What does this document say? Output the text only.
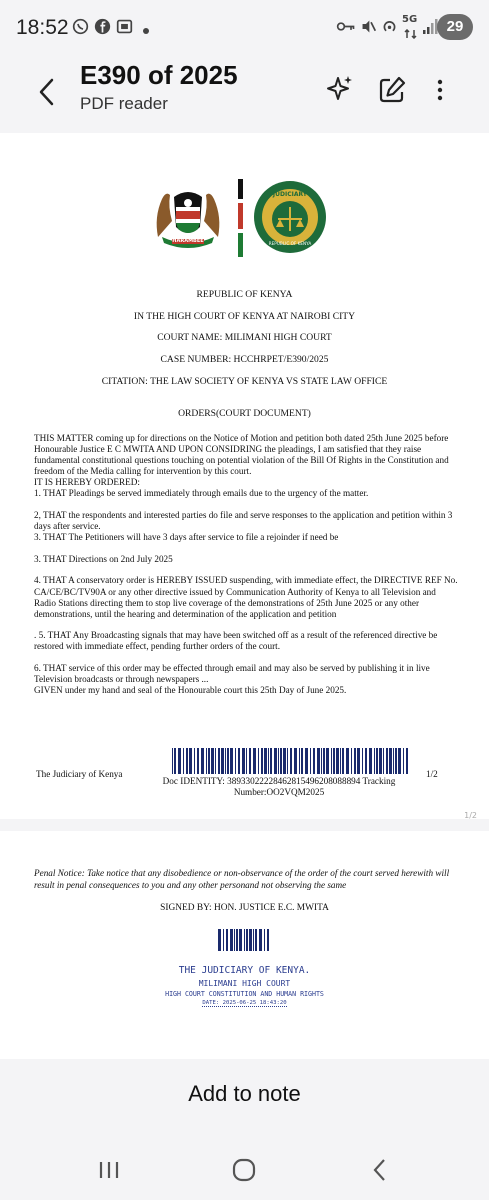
18:52	5G	29
E390 of 2025
PDF reader
HARAMBEE
JUDICIARY
REPUBLIC OF KENYA
REPUBLIC OF KENYA
IN THE HIGH COURT OF KENYA AT NAIROBI CITY
COURT NAME: MILIMANI HIGH COURT
CASE NUMBER: HCCHRPET/E390/2025
CITATION: THE LAW SOCIETY OF KENYA VS STATE LAW OFFICE
ORDERS(COURT DOCUMENT)

THIS MATTER coming up for directions on the Notice of Motion and petition both dated 25th June 2025 before Honourable Justice E C MWITA AND UPON CONSIDRING the pleadings, I am satisfied that they raise fundamental constitutional questions touching on potential violation of the Bill Of Rights in the Constitution and freedom of the Media calling for intervention by this court.
IT IS HEREBY ORDERED:
1. THAT Pleadings be served immediately through emails due to the urgency of the matter.

2, THAT the respondents and interested parties do file and serve responses to the application and petition within 3 days after service.
3. THAT The Petitioners will have 3 days after service to file a rejoinder if need be

3. THAT Directions on 2nd July 2025

4. THAT A conservatory order is HEREBY ISSUED suspending, with immediate effect, the DIRECTIVE REF No. CA/CE/BC/TV90A or any other directive issued by Communication Authority of Kenya to all Television and Radio Stations directing them to stop live coverage of the demonstrations of 25th June 2025 or any other demonstrations, until the hearing and determination of the application and petition

. 5. THAT Any Broadcasting signals that may have been switched off as a result of the referenced directive be restored with immediate effect, pending further orders of the court.

6. THAT service of this order may be effected through email and may also be served by publishing it in live Television broadcasts or through newspapers ...
GIVEN under my hand and seal of the Honourable court this 25th Day of June 2025.

The Judiciary of Kenya
Doc IDENTITY: 38933022228462815496208088894 Tracking
Number:OO2VQM2025
1/2
1/2
Penal Notice: Take notice that any disobedience or non-observance of the order of the court served herewith will result in penal consequences to you and any other personand not observing the same
SIGNED BY: HON. JUSTICE E.C. MWITA
THE JUDICIARY OF KENYA.
MILIMANI HIGH COURT
HIGH COURT CONSTITUTION AND HUMAN RIGHTS
DATE: 2025-06-25 18:43:20
Add to note
